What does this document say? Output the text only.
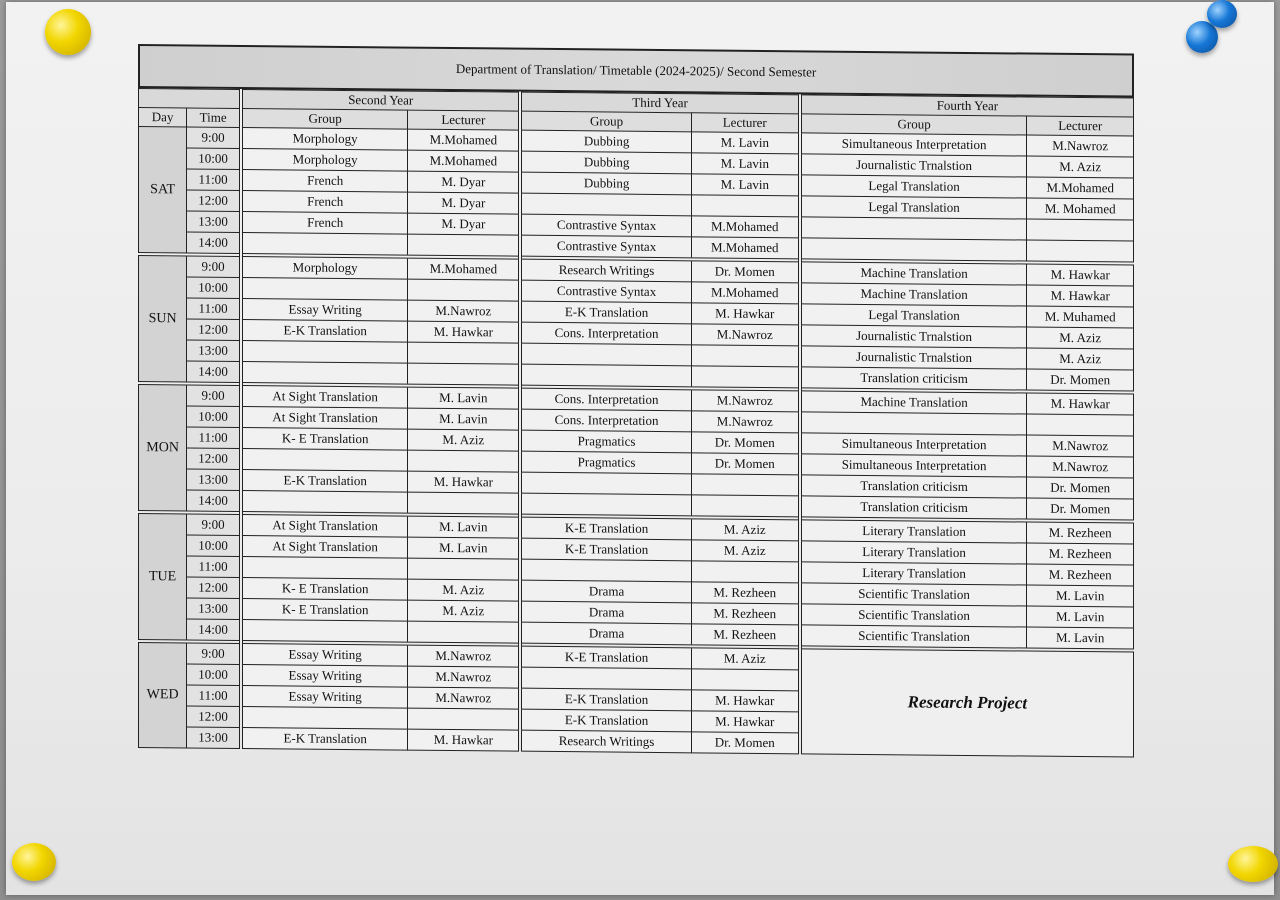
Department of Translation/ Timetable (2024-2025)/ Second Semester
		Second Year		Third Year		Fourth Year	
Day	Time	Group	Lecturer	Group	Lecturer	Group	Lecturer
SAT	9:00	Morphology	M.Mohamed	Dubbing	M. Lavin	Simultaneous Interpretation	M.Nawroz
	10:00	Morphology	M.Mohamed	Dubbing	M. Lavin	Journalistic Trnalstion	M. Aziz
	11:00	French	M. Dyar	Dubbing	M. Lavin	Legal Translation	M.Mohamed
	12:00	French	M. Dyar			Legal Translation	M. Mohamed
	13:00	French	M. Dyar	Contrastive Syntax	M.Mohamed		
	14:00			Contrastive Syntax	M.Mohamed		
SUN	9:00	Morphology	M.Mohamed	Research Writings	Dr. Momen	Machine Translation	M. Hawkar
	10:00			Contrastive Syntax	M.Mohamed	Machine Translation	M. Hawkar
	11:00	Essay Writing	M.Nawroz	E-K Translation	M. Hawkar	Legal Translation	M. Muhamed
	12:00	E-K Translation	M. Hawkar	Cons. Interpretation	M.Nawroz	Journalistic Trnalstion	M. Aziz
	13:00					Journalistic Trnalstion	M. Aziz
	14:00					Translation criticism	Dr. Momen
MON	9:00	At Sight Translation	M. Lavin	Cons. Interpretation	M.Nawroz	Machine Translation	M. Hawkar
	10:00	At Sight Translation	M. Lavin	Cons. Interpretation	M.Nawroz		
	11:00	K- E Translation	M. Aziz	Pragmatics	Dr. Momen	Simultaneous Interpretation	M.Nawroz
	12:00			Pragmatics	Dr. Momen	Simultaneous Interpretation	M.Nawroz
	13:00	E-K Translation	M. Hawkar			Translation criticism	Dr. Momen
	14:00					Translation criticism	Dr. Momen
TUE	9:00	At Sight Translation	M. Lavin	K-E Translation	M. Aziz	Literary Translation	M. Rezheen
	10:00	At Sight Translation	M. Lavin	K-E Translation	M. Aziz	Literary Translation	M. Rezheen
	11:00					Literary Translation	M. Rezheen
	12:00	K- E Translation	M. Aziz	Drama	M. Rezheen	Scientific Translation	M. Lavin
	13:00	K- E Translation	M. Aziz	Drama	M. Rezheen	Scientific Translation	M. Lavin
	14:00			Drama	M. Rezheen	Scientific Translation	M. Lavin
WED	9:00	Essay Writing	M.Nawroz	K-E Translation	M. Aziz	Research Project	
	10:00	Essay Writing	M.Nawroz				
	11:00	Essay Writing	M.Nawroz	E-K Translation	M. Hawkar		
	12:00			E-K Translation	M. Hawkar		
	13:00	E-K Translation	M. Hawkar	Research Writings	Dr. Momen		
